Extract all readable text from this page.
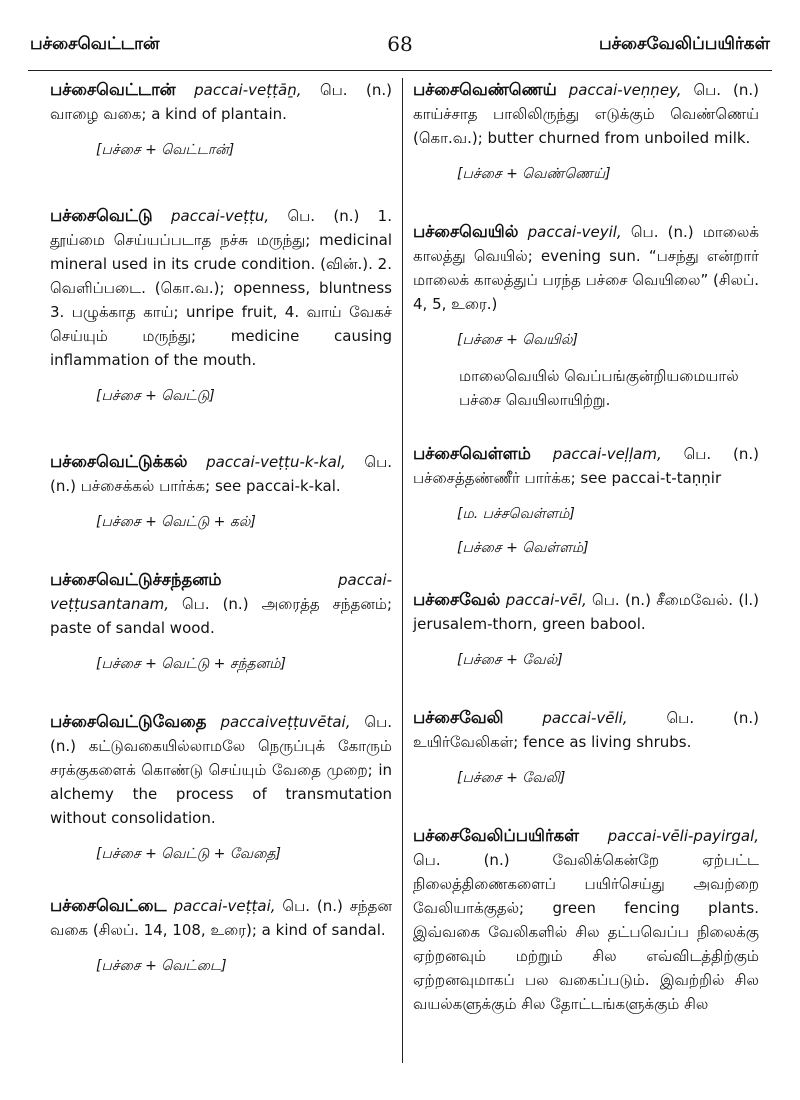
பச்சைவெட்டான்	68	பச்சைவேலிப்பயிர்கள்
பச்சைவெட்டான் paccai-veṭṭāṉ, பெ. (n.) வாழை வகை; a kind of plantain.
[பச்சை + வெட்டான்]
பச்சைவெட்டு paccai-veṭṭu, பெ. (n.) 1. தூய்மை செய்யப்படாத நச்சு மருந்து; medicinal mineral used in its crude condition. (வின்.). 2. வெளிப்படை. (கொ.வ.); openness, bluntness 3. பழுக்காத காய்; unripe fruit, 4. வாய் வேகச் செய்யும் மருந்து; medicine causing inflammation of the mouth.
[பச்சை + வெட்டு]
பச்சைவெட்டுக்கல் paccai-veṭṭu-k-kal, பெ. (n.) பச்சைக்கல் பார்க்க; see paccai-k-kal.
[பச்சை + வெட்டு + கல்]
பச்சைவெட்டுச்சந்தனம்	paccai-veṭṭusantanam, பெ. (n.) அரைத்த சந்தனம்; paste of sandal wood.
[பச்சை + வெட்டு + சந்தனம்]
பச்சைவெட்டுவேதை paccaiveṭṭuvētai, பெ. (n.) கட்டுவகையில்லாமலே நெருப்புக் கோரும் சரக்குகளைக் கொண்டு செய்யும் வேதை முறை; in alchemy the process of transmutation without consolidation.
[பச்சை + வெட்டு + வேதை]
பச்சைவெட்டை paccai-veṭṭai, பெ. (n.) சந்தன வகை (சிலப். 14, 108, உரை); a kind of sandal.
[பச்சை + வெட்டை]
பச்சைவெண்ணெய் paccai-veṇṇey, பெ. (n.) காய்ச்சாத பாலிலிருந்து எடுக்கும் வெண்ணெய் (கொ.வ.); butter churned from unboiled milk.
[பச்சை + வெண்ணெய்]
பச்சைவெயில் paccai-veyil, பெ. (n.) மாலைக் காலத்து வெயில்; evening sun. “பசந்து என்றார் மாலைக் காலத்துப் பரந்த பச்சை வெயிலை” (சிலப். 4, 5, உரை.)
[பச்சை + வெயில்]
மாலைவெயில் வெப்பங்குன்றியமையால் பச்சை வெயிலாயிற்று.
பச்சைவெள்ளம் paccai-veḷḷam, பெ. (n.) பச்சைத்தண்ணீர் பார்க்க; see paccai-t-taṇṇir
[ம. பச்சவெள்ளம்]
[பச்சை + வெள்ளம்]
பச்சைவேல் paccai-vēl, பெ. (n.) சீமைவேல். (l.) jerusalem-thorn, green babool.
[பச்சை + வேல்]
பச்சைவேலி	paccai-vēli, பெ. (n.) உயிர்வேலிகள்; fence as living shrubs.
[பச்சை + வேலி]
பச்சைவேலிப்பயிர்கள் paccai-vēli-payirgal, பெ. (n.) வேலிக்கென்றே ஏற்பட்ட நிலைத்திணைகளைப் பயிர்செய்து அவற்றை வேலியாக்குதல்; green fencing plants. இவ்வகை வேலிகளில் சில தட்பவெப்ப நிலைக்கு ஏற்றனவும் மற்றும் சில எவ்விடத்திற்கும் ஏற்றனவுமாகப் பல வகைப்படும். இவற்றில் சில வயல்களுக்கும் சில தோட்டங்களுக்கும் சில
